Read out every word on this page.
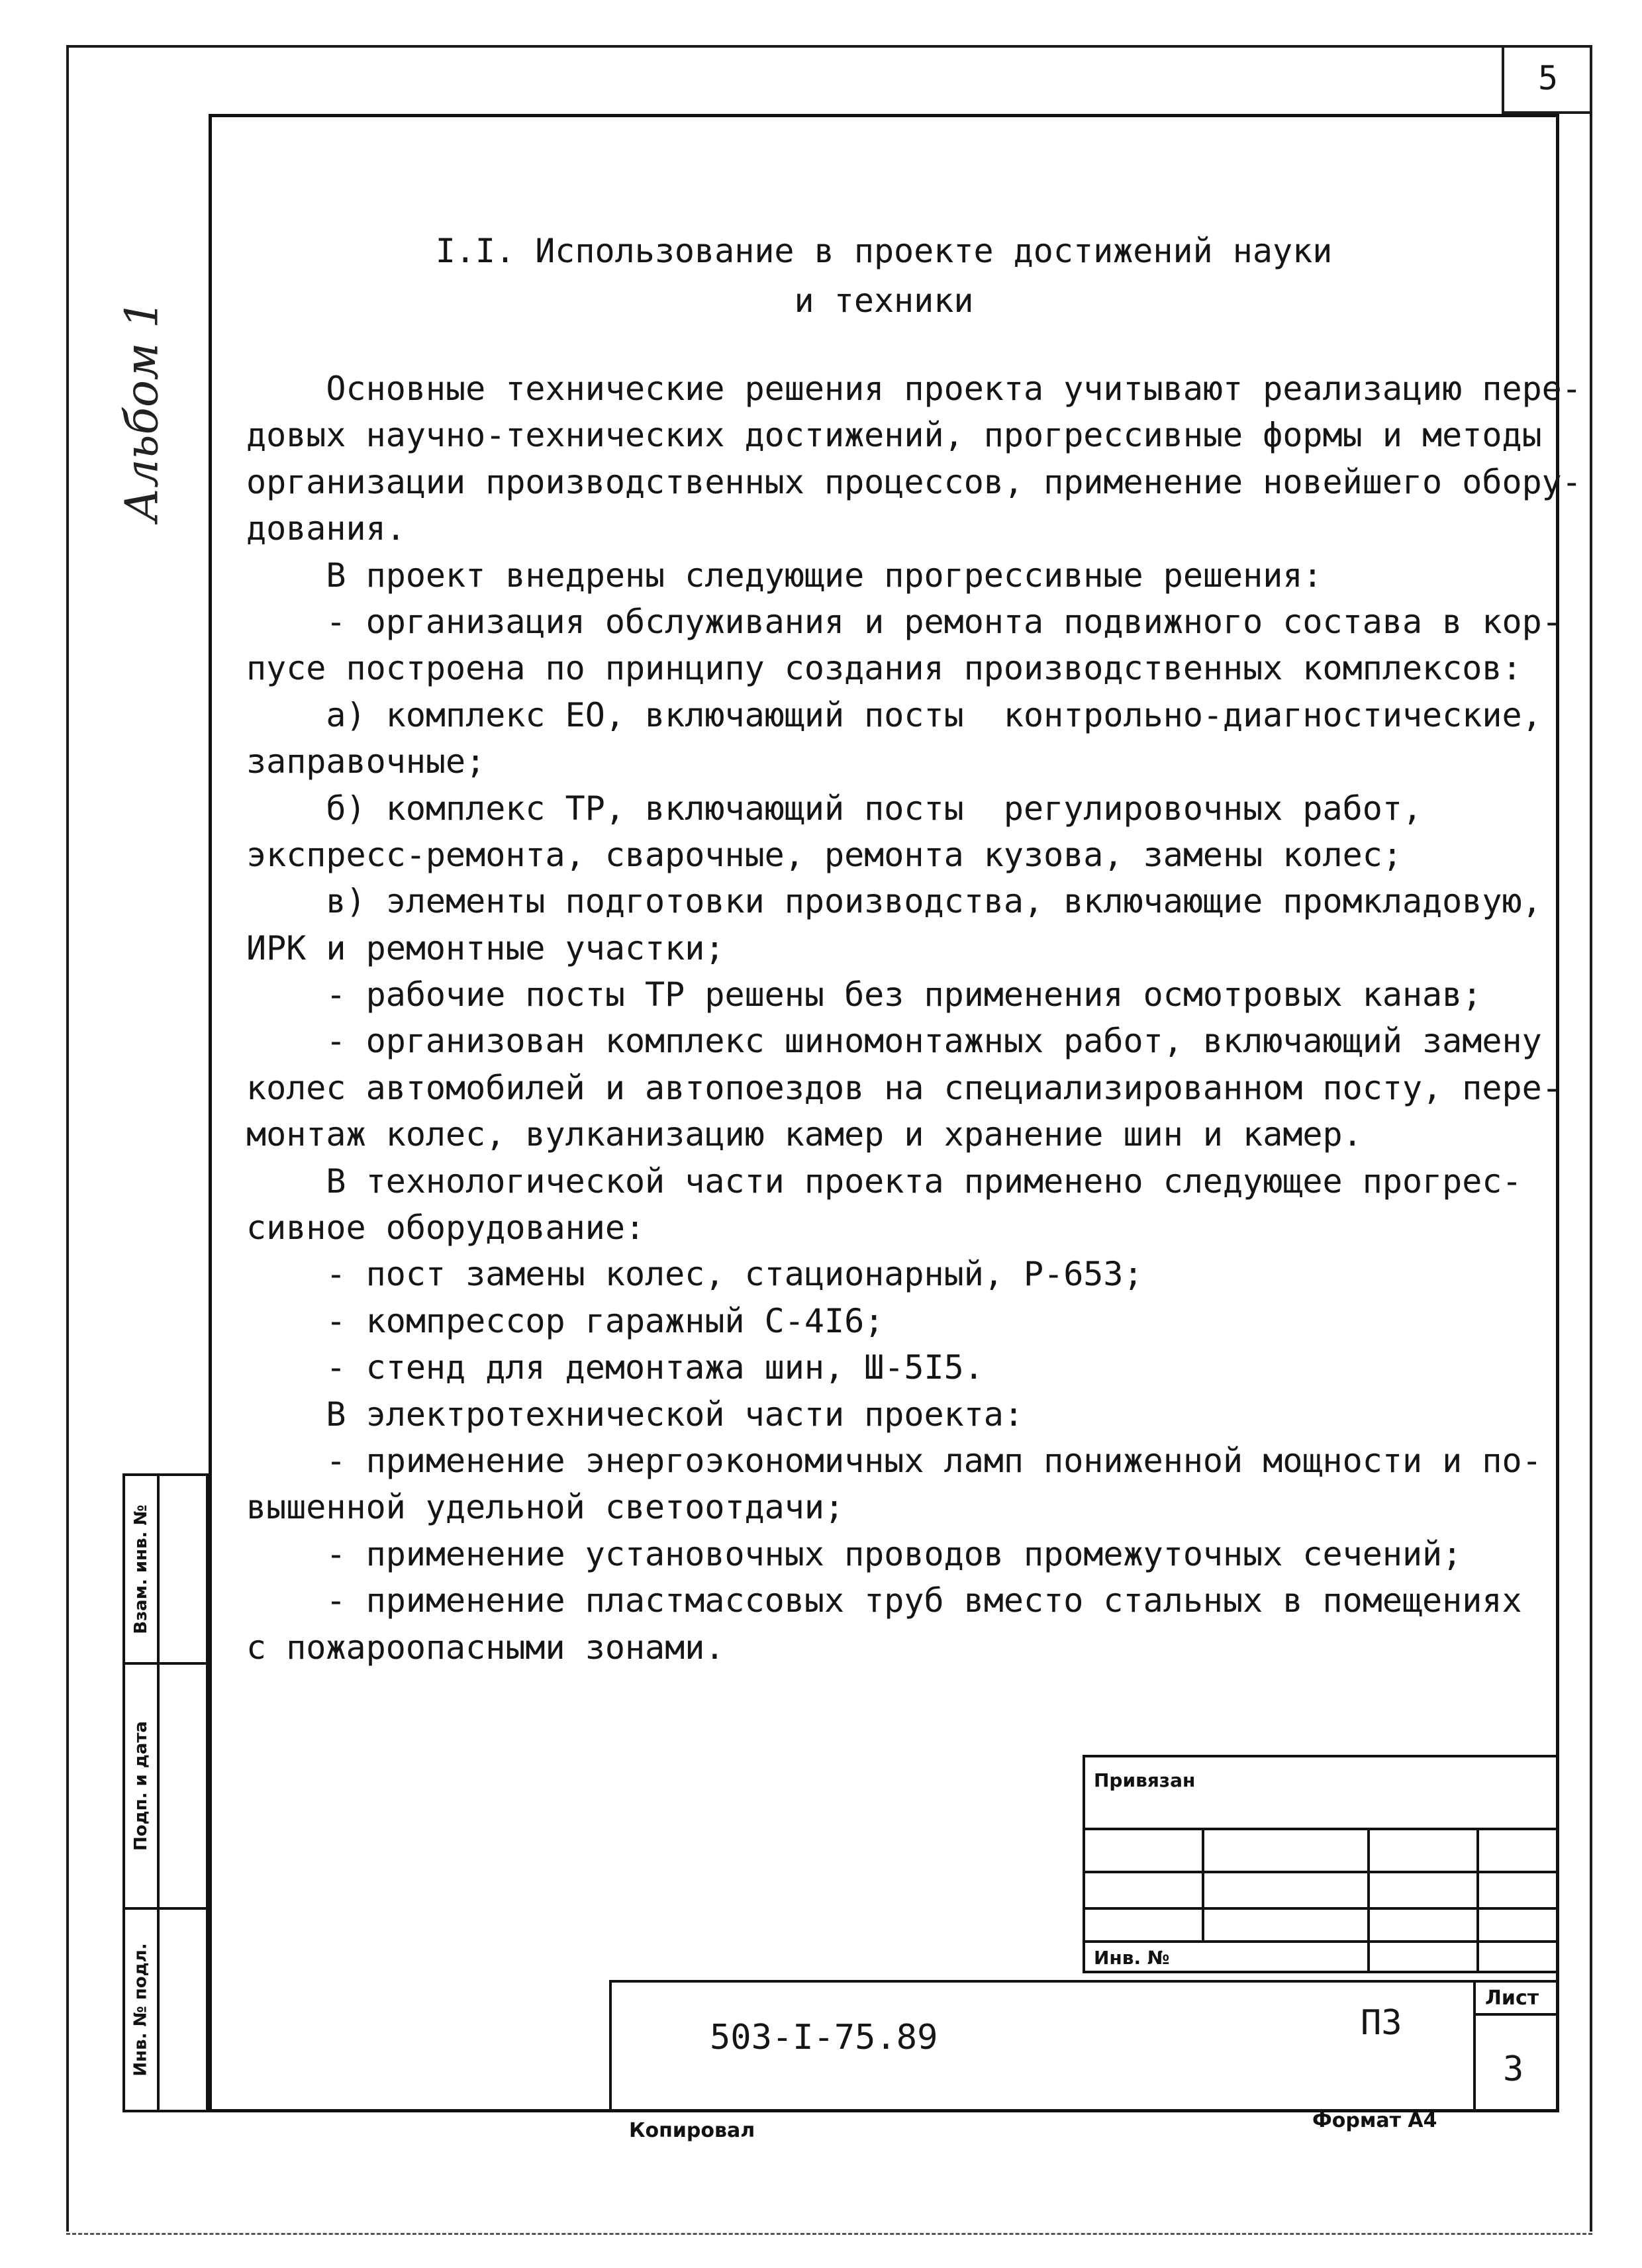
5
Альбом 1
Взам. инв. №
Подп. и дата
Инв. № подл.
I.I. Использование в проекте достижений науки
и техники
Основные технические решения проекта учитывают реализацию пере-
довых научно-технических достижений, прогрессивные формы и методы
организации производственных процессов, применение новейшего обору-
дования.
В проект внедрены следующие прогрессивные решения:
- организация обслуживания и ремонта подвижного состава в кор-
пусе построена по принципу создания производственных комплексов:
а) комплекс ЕО, включающий посты  контрольно-диагностические,
заправочные;
б) комплекс ТР, включающий посты  регулировочных работ,
экспресс-ремонта, сварочные, ремонта кузова, замены колес;
в) элементы подготовки производства, включающие промкладовую,
ИРК и ремонтные участки;
- рабочие посты ТР решены без применения осмотровых канав;
- организован комплекс шиномонтажных работ, включающий замену
колес автомобилей и автопоездов на специализированном посту, пере-
монтаж колес, вулканизацию камер и хранение шин и камер.
В технологической части проекта применено следующее прогрес-
сивное оборудование:
- пост замены колес, стационарный, Р-653;
- компрессор гаражный С-4I6;
- стенд для демонтажа шин, Ш-5I5.
В электротехнической части проекта:
- применение энергоэкономичных ламп пониженной мощности и по-
вышенной удельной светоотдачи;
- применение установочных проводов промежуточных сечений;
- применение пластмассовых труб вместо стальных в помещениях
с пожароопасными зонами.
Привязан
Инв. №
503-I-75.89	ПЗ
Лист
3
Копировал	Формат А4
